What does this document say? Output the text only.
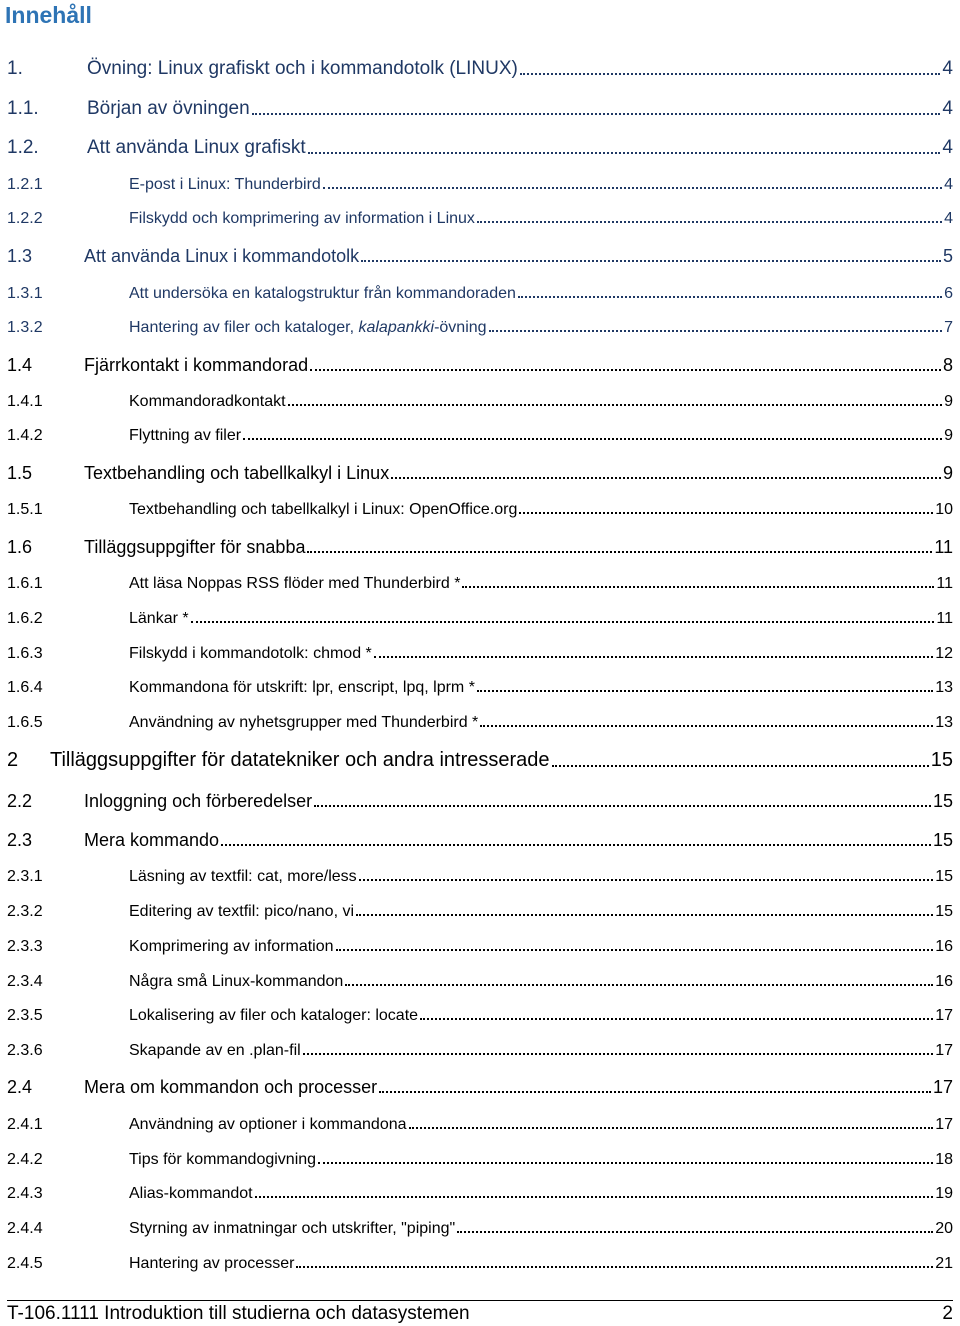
Innehåll
1.	Övning: Linux grafiskt och i kommandotolk (LINUX)	4
1.1.	Början av övningen	4
1.2.	Att använda Linux grafiskt	4
1.2.1	E-post i Linux: Thunderbird	4
1.2.2	Filskydd och komprimering av information i Linux	4
1.3	Att använda Linux i kommandotolk	5
1.3.1	Att undersöka en katalogstruktur från kommandoraden	6
1.3.2	Hantering av filer och kataloger, kalapankki-övning	7
1.4	Fjärrkontakt i kommandorad	8
1.4.1	Kommandoradkontakt	9
1.4.2	Flyttning av filer	9
1.5	Textbehandling och tabellkalkyl i Linux	9
1.5.1	Textbehandling och tabellkalkyl i Linux: OpenOffice.org	10
1.6	Tilläggsuppgifter för snabba	11
1.6.1	Att läsa Noppas RSS flöder med Thunderbird *	11
1.6.2	Länkar *	11
1.6.3	Filskydd i kommandotolk: chmod *	12
1.6.4	Kommandona för utskrift: lpr, enscript, lpq, lprm *	13
1.6.5	Användning av nyhetsgrupper med Thunderbird *	13
2	Tilläggsuppgifter för datatekniker och andra intresserade	15
2.2	Inloggning och förberedelser	15
2.3	Mera kommando	15
2.3.1	Läsning av textfil: cat, more/less	15
2.3.2	Editering av textfil: pico/nano, vi	15
2.3.3	Komprimering av information	16
2.3.4	Några små Linux-kommandon	16
2.3.5	Lokalisering av filer och kataloger: locate	17
2.3.6	Skapande av en .plan-fil	17
2.4	Mera om kommandon och processer	17
2.4.1	Användning av optioner i kommandona	17
2.4.2	Tips för kommandogivning	18
2.4.3	Alias-kommandot	19
2.4.4	Styrning av inmatningar och utskrifter, "piping"	20
2.4.5	Hantering av processer	21
T-106.1111 Introduktion till studierna och datasystemen	2
